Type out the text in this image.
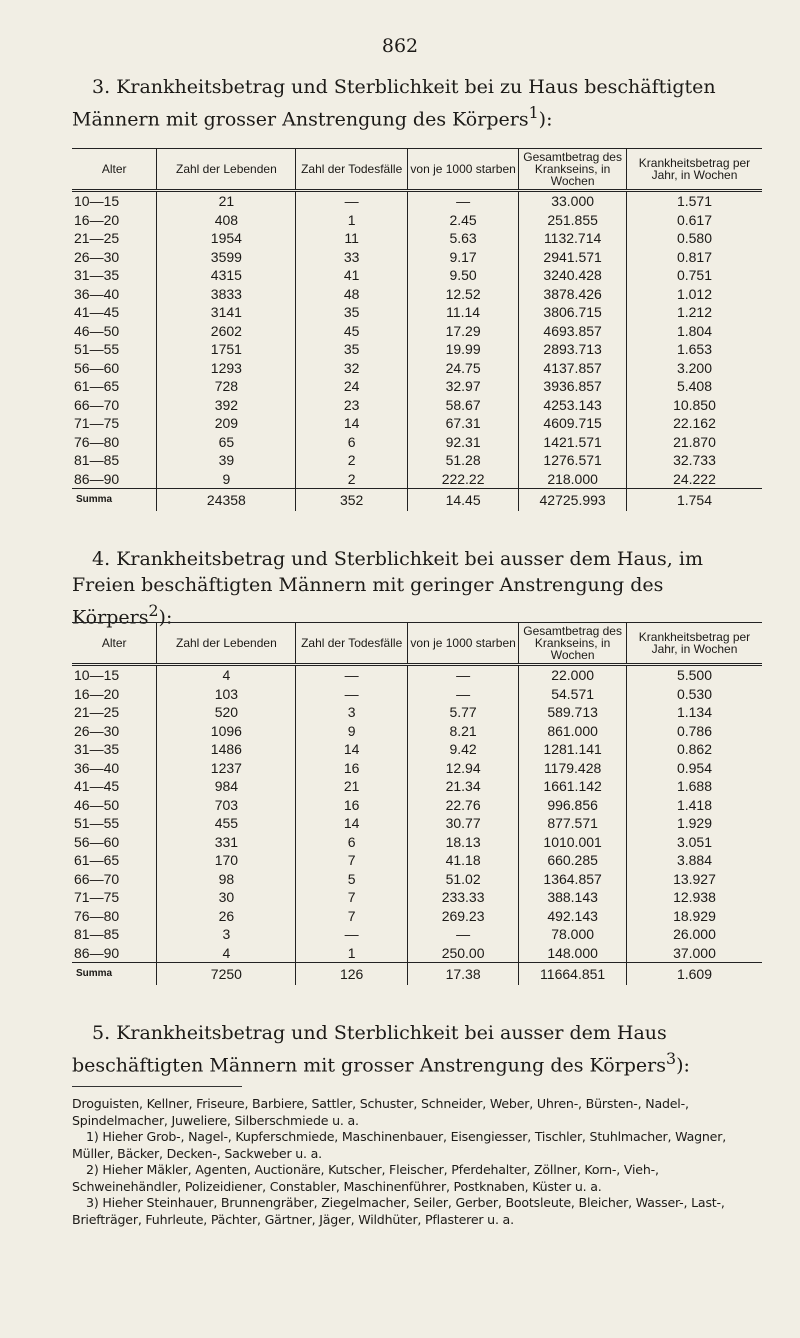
862
3. Krankheitsbetrag und Sterblichkeit bei zu Haus beschäftigten Männern mit grosser Anstrengung des Körpers$^1$):
Alter	Zahl der Lebenden	Zahl der Todesfälle	von je 1000 starben	Gesamtbetrag des Krankseins, in Wochen	Krankheitsbetrag per Jahr, in Wochen
10—15	21	—	—	33.000	1.571
16—20	408	1	2.45	251.855	0.617
21—25	1954	11	5.63	1132.714	0.580
26—30	3599	33	9.17	2941.571	0.817
31—35	4315	41	9.50	3240.428	0.751
36—40	3833	48	12.52	3878.426	1.012
41—45	3141	35	11.14	3806.715	1.212
46—50	2602	45	17.29	4693.857	1.804
51—55	1751	35	19.99	2893.713	1.653
56—60	1293	32	24.75	4137.857	3.200
61—65	728	24	32.97	3936.857	5.408
66—70	392	23	58.67	4253.143	10.850
71—75	209	14	67.31	4609.715	22.162
76—80	65	6	92.31	1421.571	21.870
81—85	39	2	51.28	1276.571	32.733
86—90	9	2	222.22	218.000	24.222
Summa	24358	352	14.45	42725.993	1.754
4. Krankheitsbetrag und Sterblichkeit bei ausser dem Haus, im Freien beschäftigten Männern mit geringer Anstrengung des Körpers$^2$):
Alter	Zahl der Lebenden	Zahl der Todesfälle	von je 1000 starben	Gesamtbetrag des Krankseins, in Wochen	Krankheitsbetrag per Jahr, in Wochen
10—15	4	—	—	22.000	5.500
16—20	103	—	—	54.571	0.530
21—25	520	3	5.77	589.713	1.134
26—30	1096	9	8.21	861.000	0.786
31—35	1486	14	9.42	1281.141	0.862
36—40	1237	16	12.94	1179.428	0.954
41—45	984	21	21.34	1661.142	1.688
46—50	703	16	22.76	996.856	1.418
51—55	455	14	30.77	877.571	1.929
56—60	331	6	18.13	1010.001	3.051
61—65	170	7	41.18	660.285	3.884
66—70	98	5	51.02	1364.857	13.927
71—75	30	7	233.33	388.143	12.938
76—80	26	7	269.23	492.143	18.929
81—85	3	—	—	78.000	26.000
86—90	4	1	250.00	148.000	37.000
Summa	7250	126	17.38	11664.851	1.609
5. Krankheitsbetrag und Sterblichkeit bei ausser dem Haus beschäftigten Männern mit grosser Anstrengung des Körpers$^3$):

Droguisten, Kellner, Friseure, Barbiere, Sattler, Schuster, Schneider, Weber, Uhren-, Bürsten-, Nadel-, Spindelmacher, Juweliere, Silberschmiede u. a.

1) Hieher Grob-, Nagel-, Kupferschmiede, Maschinenbauer, Eisengiesser, Tischler, Stuhlmacher, Wagner, Müller, Bäcker, Decken-, Sackweber u. a.

2) Hieher Mäkler, Agenten, Auctionäre, Kutscher, Fleischer, Pferdehalter, Zöllner, Korn-, Vieh-, Schweinehändler, Polizeidiener, Constabler, Maschinenführer, Postknaben, Küster u. a.

3) Hieher Steinhauer, Brunnengräber, Ziegelmacher, Seiler, Gerber, Bootsleute, Bleicher, Wasser-, Last-, Briefträger, Fuhrleute, Pächter, Gärtner, Jäger, Wildhüter, Pflasterer u. a.
